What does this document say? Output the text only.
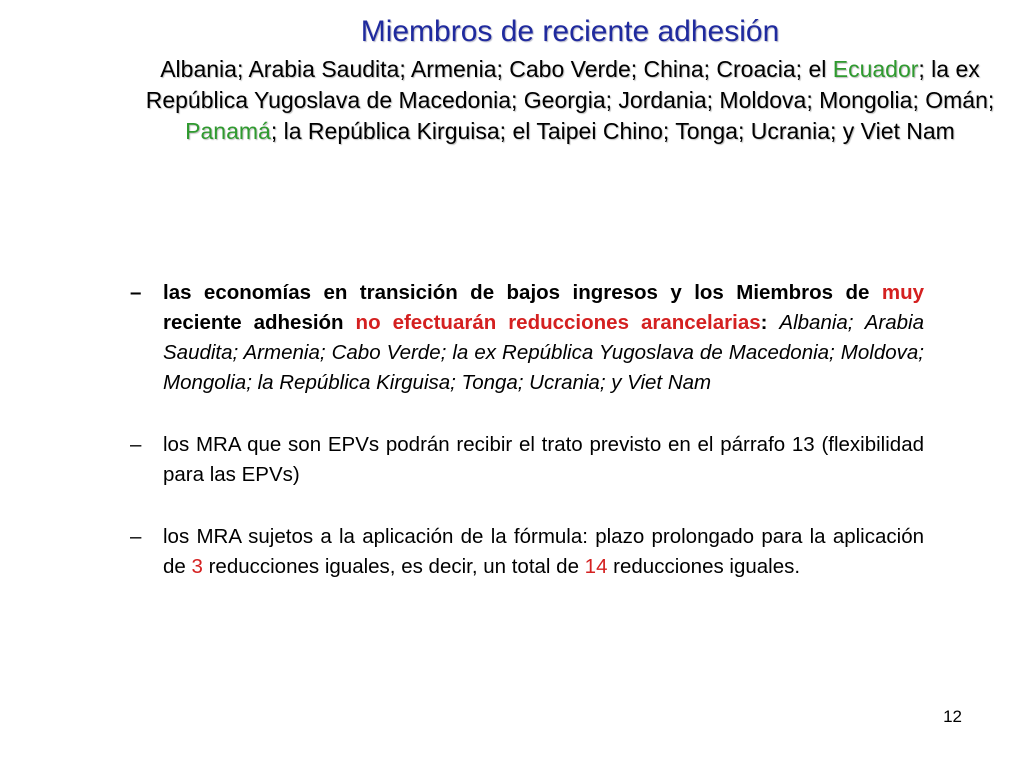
Miembros de reciente adhesión

Albania; Arabia Saudita; Armenia; Cabo Verde; China; Croacia; el Ecuador; la ex República Yugoslava de Macedonia; Georgia; Jordania; Moldova; Mongolia; Omán; Panamá; la República Kirguisa; el Taipei Chino; Tonga; Ucrania; y Viet Nam

– las economías en transición de bajos ingresos y los Miembros de muy reciente adhesión no efectuarán reducciones arancelarias: Albania; Arabia Saudita; Armenia; Cabo Verde; la ex República Yugoslava de Macedonia; Moldova; Mongolia; la República Kirguisa; Tonga; Ucrania; y Viet Nam
– los MRA que son EPVs podrán recibir el trato previsto en el párrafo 13 (flexibilidad para las EPVs)
– los MRA sujetos a la aplicación de la fórmula: plazo prolongado para la aplicación de 3 reducciones iguales, es decir, un total de 14 reducciones iguales.
12
